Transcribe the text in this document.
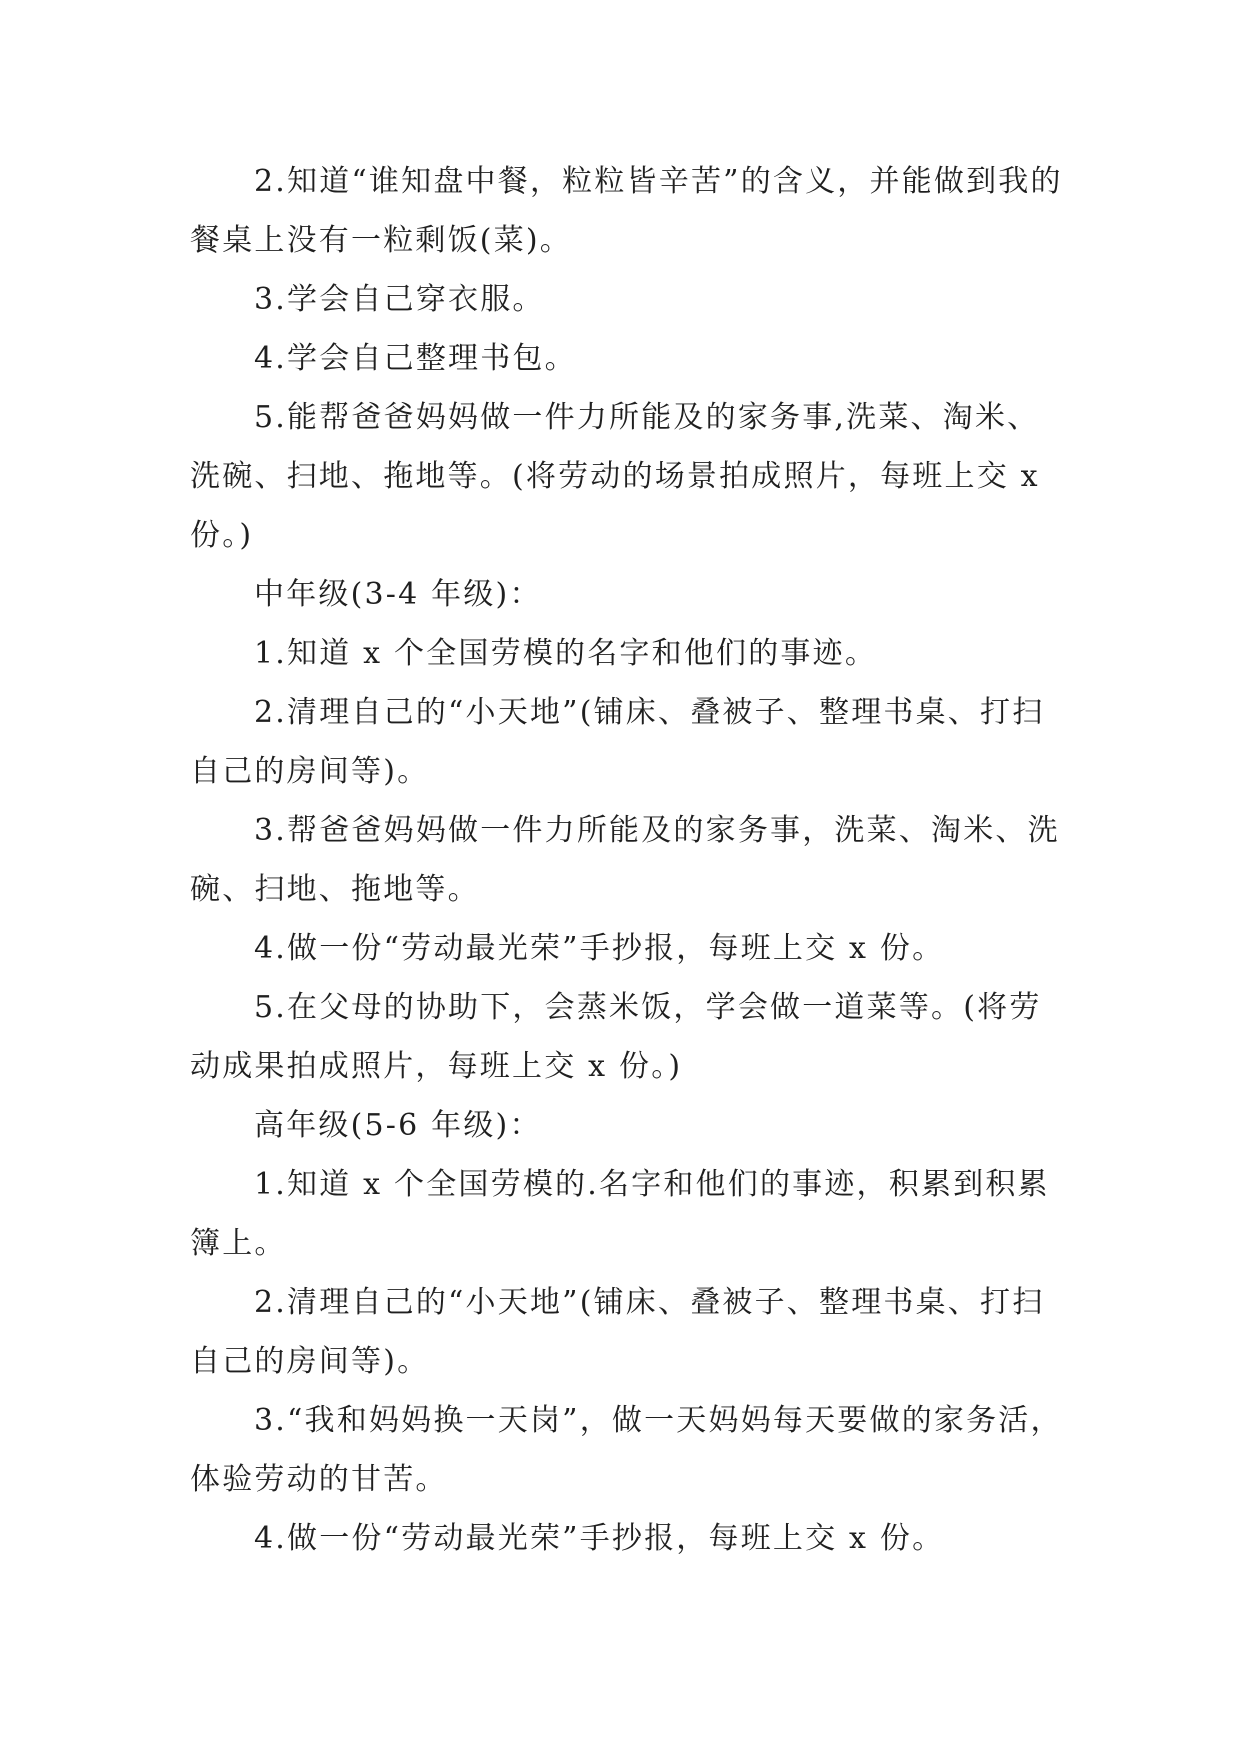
2.知道“谁知盘中餐，粒粒皆辛苦”的含义，并能做到我的餐桌上没有一粒剩饭(菜)。

3.学会自己穿衣服。

4.学会自己整理书包。

5.能帮爸爸妈妈做一件力所能及的家务事,洗菜、淘米、洗碗、扫地、拖地等。(将劳动的场景拍成照片，每班上交 x 份。)

中年级(3-4 年级)：

1.知道 x 个全国劳模的名字和他们的事迹。

2.清理自己的“小天地”(铺床、叠被子、整理书桌、打扫自己的房间等)。

3.帮爸爸妈妈做一件力所能及的家务事，洗菜、淘米、洗碗、扫地、拖地等。

4.做一份“劳动最光荣”手抄报，每班上交 x 份。

5.在父母的协助下，会蒸米饭，学会做一道菜等。(将劳动成果拍成照片，每班上交 x 份。)

高年级(5-6 年级)：

1.知道 x 个全国劳模的.名字和他们的事迹，积累到积累簿上。

2.清理自己的“小天地”(铺床、叠被子、整理书桌、打扫自己的房间等)。

3.“我和妈妈换一天岗”，做一天妈妈每天要做的家务活，体验劳动的甘苦。

4.做一份“劳动最光荣”手抄报，每班上交 x 份。
